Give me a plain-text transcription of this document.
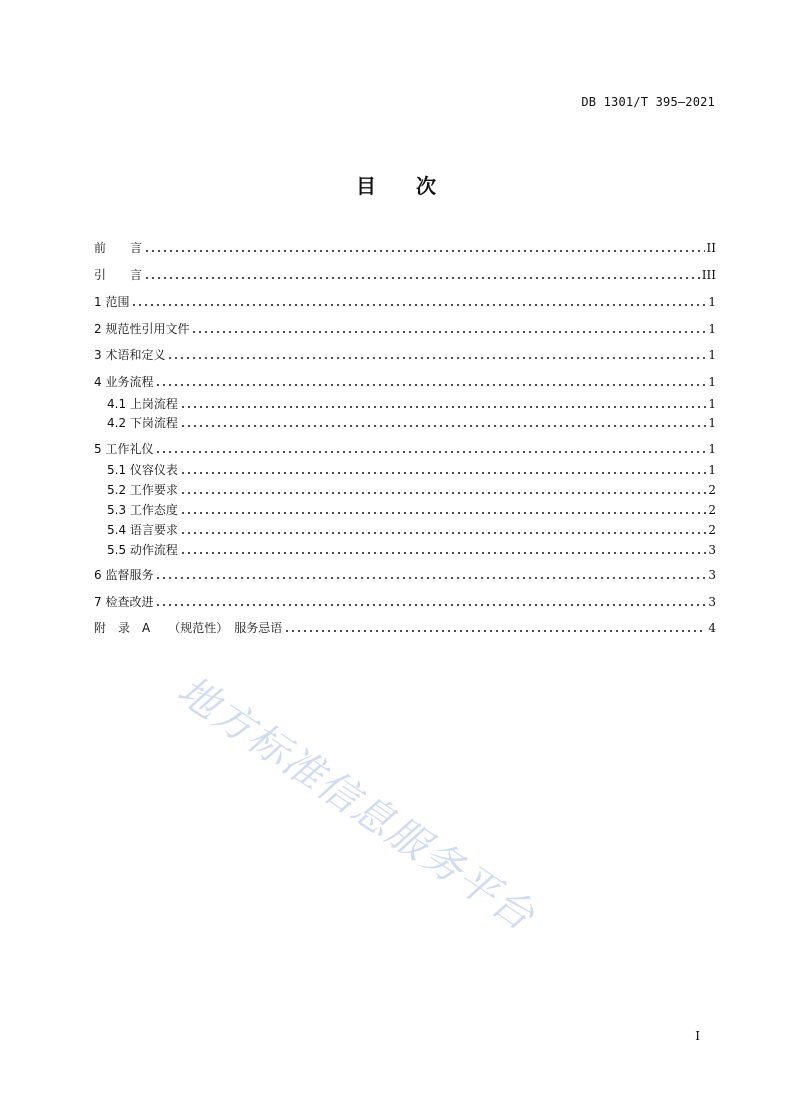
DB 1301/T 395—2021
目　　次
前　　言	II
引　　言	III
1 范围	1
2 规范性引用文件	1
3 术语和定义	1
4 业务流程	1
4.1 上岗流程	1
4.2 下岗流程	1
5 工作礼仪	1
5.1 仪容仪表	1
5.2 工作要求	2
5.3 工作态度	2
5.4 语言要求	2
5.5 动作流程	3
6 监督服务	3
7 检查改进	3
附　录　A　　（规范性）　服务忌语	4
地方标准信息服务平台
I
